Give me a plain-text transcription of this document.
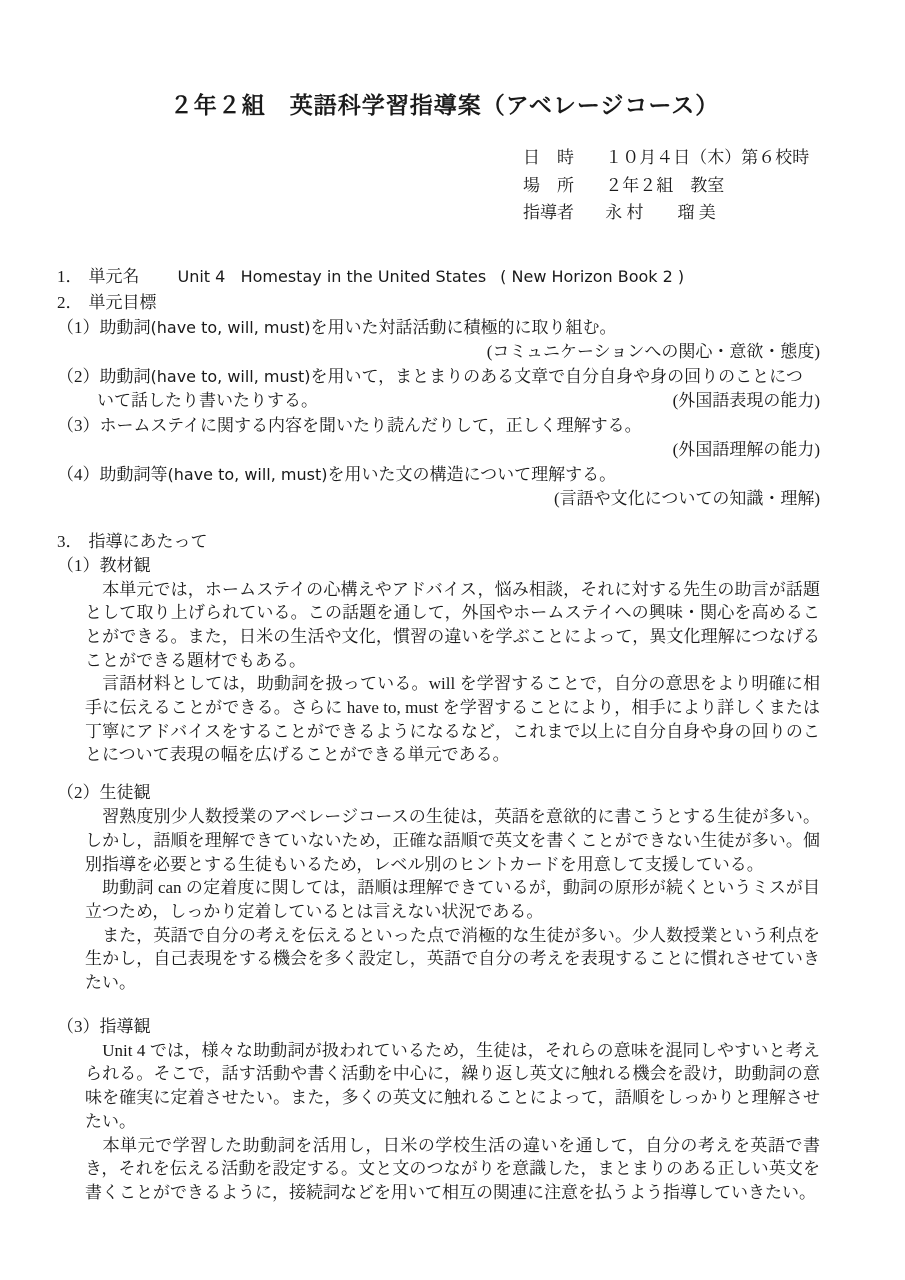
２年２組　英語科学習指導案（アベレージコース）
日　時 １０月４日（木）第６校時
場　所 ２年２組　教室
指導者 永 村　　瑠 美
1． 単元名 Unit 4   Homestay in the United States ( New Horizon Book 2 )
2． 単元目標
（1）助動詞(have to, will, must)を用いた対話活動に積極的に取り組む。
(コミュニケーションへの関心・意欲・態度)
（2）助動詞(have to, will, must)を用いて，まとまりのある文章で自分自身や身の回りのことにつ
いて話したり書いたりする。	(外国語表現の能力)
（3）ホームステイに関する内容を聞いたり読んだりして，正しく理解する。
(外国語理解の能力)
（4）助動詞等(have to, will, must)を用いた文の構造について理解する。
(言語や文化についての知識・理解)
3． 指導にあたって
（1）教材観
　本単元では，ホームステイの心構えやアドバイス，悩み相談，それに対する先生の助言が話題として取り上げられている。この話題を通して，外国やホームステイへの興味・関心を高めることができる。また，日米の生活や文化，慣習の違いを学ぶことによって，異文化理解につなげることができる題材でもある。
　言語材料としては，助動詞を扱っている。will を学習することで，自分の意思をより明確に相手に伝えることができる。さらに have to, must を学習することにより，相手により詳しくまたは丁寧にアドバイスをすることができるようになるなど，これまで以上に自分自身や身の回りのことについて表現の幅を広げることができる単元である。
（2）生徒観
　習熟度別少人数授業のアベレージコースの生徒は，英語を意欲的に書こうとする生徒が多い。しかし，語順を理解できていないため，正確な語順で英文を書くことができない生徒が多い。個別指導を必要とする生徒もいるため，レベル別のヒントカードを用意して支援している。
　助動詞 can の定着度に関しては，語順は理解できているが，動詞の原形が続くというミスが目立つため，しっかり定着しているとは言えない状況である。
　また，英語で自分の考えを伝えるといった点で消極的な生徒が多い。少人数授業という利点を生かし，自己表現をする機会を多く設定し，英語で自分の考えを表現することに慣れさせていきたい。
（3）指導観
　Unit 4 では，様々な助動詞が扱われているため，生徒は，それらの意味を混同しやすいと考えられる。そこで，話す活動や書く活動を中心に，繰り返し英文に触れる機会を設け，助動詞の意味を確実に定着させたい。また，多くの英文に触れることによって，語順をしっかりと理解させたい。
　本単元で学習した助動詞を活用し，日米の学校生活の違いを通して，自分の考えを英語で書き，それを伝える活動を設定する。文と文のつながりを意識した，まとまりのある正しい英文を書くことができるように，接続詞などを用いて相互の関連に注意を払うよう指導していきたい。
